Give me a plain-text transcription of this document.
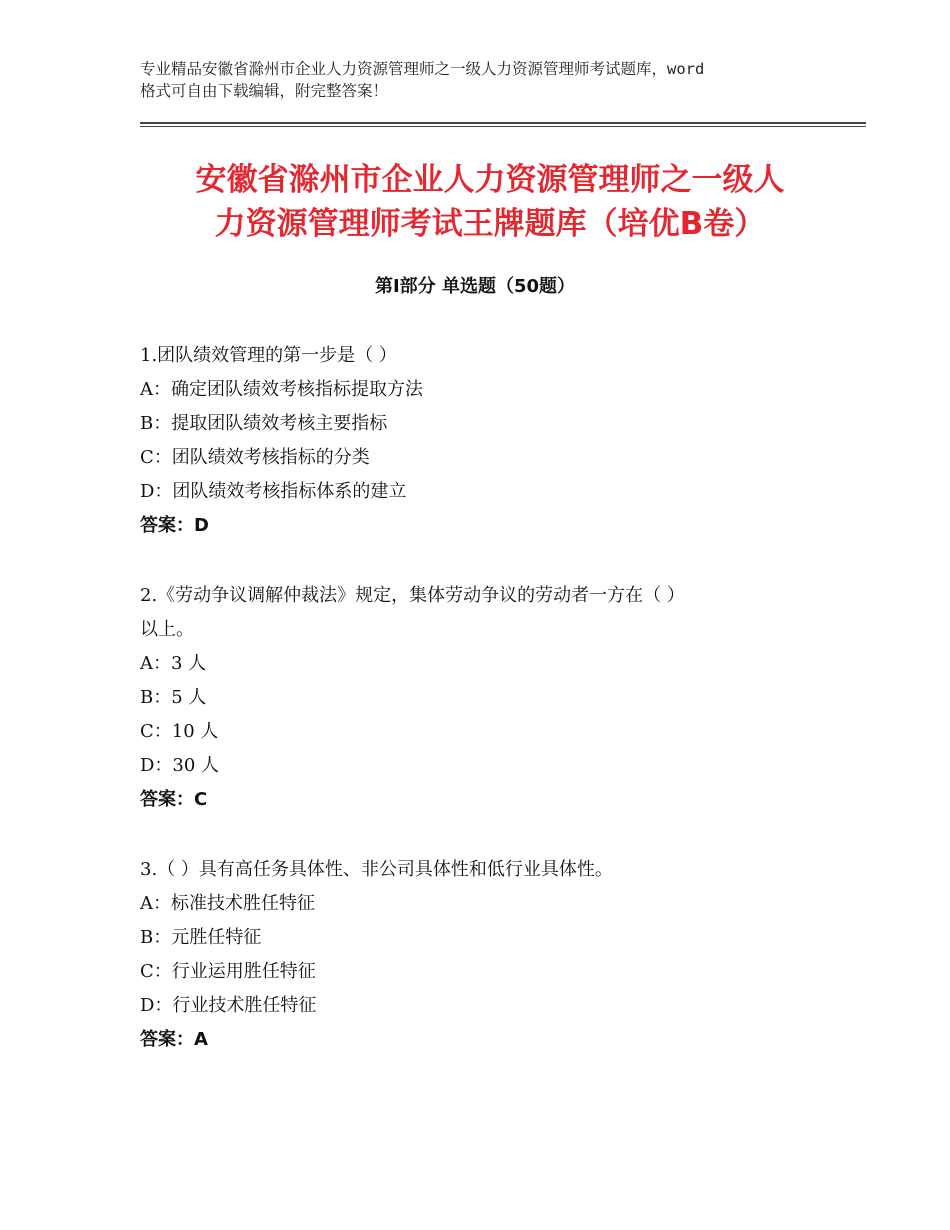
专业精品安徽省滁州市企业人力资源管理师之一级人力资源管理师考试题库，word
格式可自由下载编辑，附完整答案！
安徽省滁州市企业人力资源管理师之一级人
力资源管理师考试王牌题库（培优B卷）
第Ⅰ部分 单选题（50题）
1.团队绩效管理的第一步是（ ）
A：确定团队绩效考核指标提取方法
B：提取团队绩效考核主要指标
C：团队绩效考核指标的分类
D：团队绩效考核指标体系的建立
答案：D
2.《劳动争议调解仲裁法》规定，集体劳动争议的劳动者一方在（ ）
以上。
A：3 人
B：5 人
C：10 人
D：30 人
答案：C
3.（ ）具有高任务具体性、非公司具体性和低行业具体性。
A：标准技术胜任特征
B：元胜任特征
C：行业运用胜任特征
D：行业技术胜任特征
答案：A
